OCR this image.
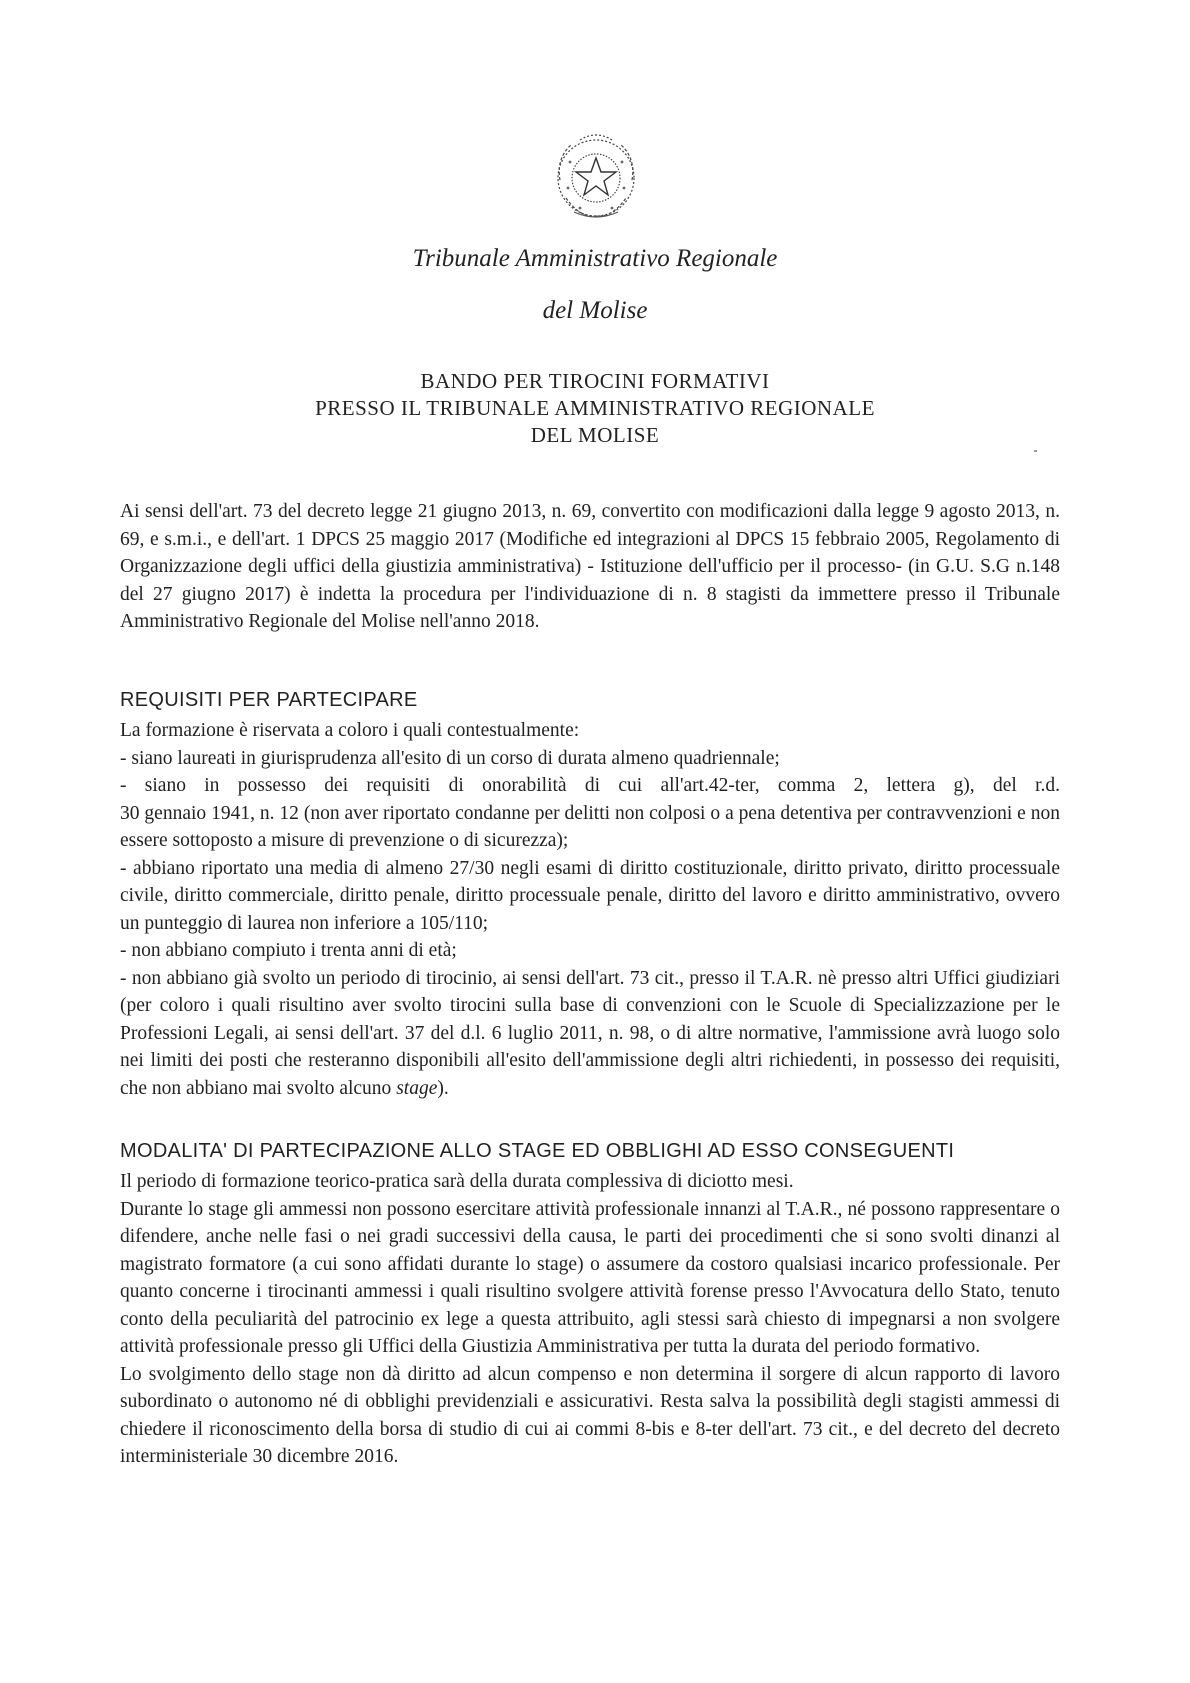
Tribunale Amministrativo Regionale
del Molise
BANDO PER TIROCINI FORMATIVI
PRESSO IL TRIBUNALE AMMINISTRATIVO REGIONALE
DEL MOLISE
Ai sensi dell'art. 73 del decreto legge 21 giugno 2013, n. 69, convertito con modificazioni dalla legge 9 agosto 2013, n. 69, e s.m.i., e dell'art. 1 DPCS 25 maggio 2017 (Modifiche ed integrazioni al DPCS 15 febbraio 2005, Regolamento di Organizzazione degli uffici della giustizia amministrativa) - Istituzione dell'ufficio per il processo- (in G.U. S.G n.148 del 27 giugno 2017) è indetta la procedura per l'individuazione di n. 8 stagisti da immettere presso il Tribunale Amministrativo Regionale del Molise nell'anno 2018.
REQUISITI PER PARTECIPARE
La formazione è riservata a coloro i quali contestualmente:
- siano laureati in giurisprudenza all'esito di un corso di durata almeno quadriennale;
- siano in possesso dei requisiti di onorabilità di cui all'art.42-ter, comma 2, lettera g), del r.d.
30 gennaio 1941, n. 12 (non aver riportato condanne per delitti non colposi o a pena detentiva per contravvenzioni e non essere sottoposto a misure di prevenzione o di sicurezza);
- abbiano riportato una media di almeno 27/30 negli esami di diritto costituzionale, diritto privato, diritto processuale civile, diritto commerciale, diritto penale, diritto processuale penale, diritto del lavoro e diritto amministrativo, ovvero un punteggio di laurea non inferiore a 105/110;
- non abbiano compiuto i trenta anni di età;
- non abbiano già svolto un periodo di tirocinio, ai sensi dell'art. 73 cit., presso il T.A.R. nè presso altri Uffici giudiziari (per coloro i quali risultino aver svolto tirocini sulla base di convenzioni con le Scuole di Specializzazione per le Professioni Legali, ai sensi dell'art. 37 del d.l. 6 luglio 2011, n. 98, o di altre normative, l'ammissione avrà luogo solo nei limiti dei posti che resteranno disponibili all'esito dell'ammissione degli altri richiedenti, in possesso dei requisiti, che non abbiano mai svolto alcuno stage).
MODALITA' DI PARTECIPAZIONE ALLO STAGE ED OBBLIGHI AD ESSO CONSEGUENTI
Il periodo di formazione teorico-pratica sarà della durata complessiva di diciotto mesi.
Durante lo stage gli ammessi non possono esercitare attività professionale innanzi al T.A.R., né possono rappresentare o difendere, anche nelle fasi o nei gradi successivi della causa, le parti dei procedimenti che si sono svolti dinanzi al magistrato formatore (a cui sono affidati durante lo stage) o assumere da costoro qualsiasi incarico professionale. Per quanto concerne i tirocinanti ammessi i quali risultino svolgere attività forense presso l'Avvocatura dello Stato, tenuto conto della peculiarità del patrocinio ex lege a questa attribuito, agli stessi sarà chiesto di impegnarsi a non svolgere attività professionale presso gli Uffici della Giustizia Amministrativa per tutta la durata del periodo formativo.
Lo svolgimento dello stage non dà diritto ad alcun compenso e non determina il sorgere di alcun rapporto di lavoro subordinato o autonomo né di obblighi previdenziali e assicurativi. Resta salva la possibilità degli stagisti ammessi di chiedere il riconoscimento della borsa di studio di cui ai commi 8-bis e 8-ter dell'art. 73 cit., e del decreto del decreto interministeriale 30 dicembre 2016.
